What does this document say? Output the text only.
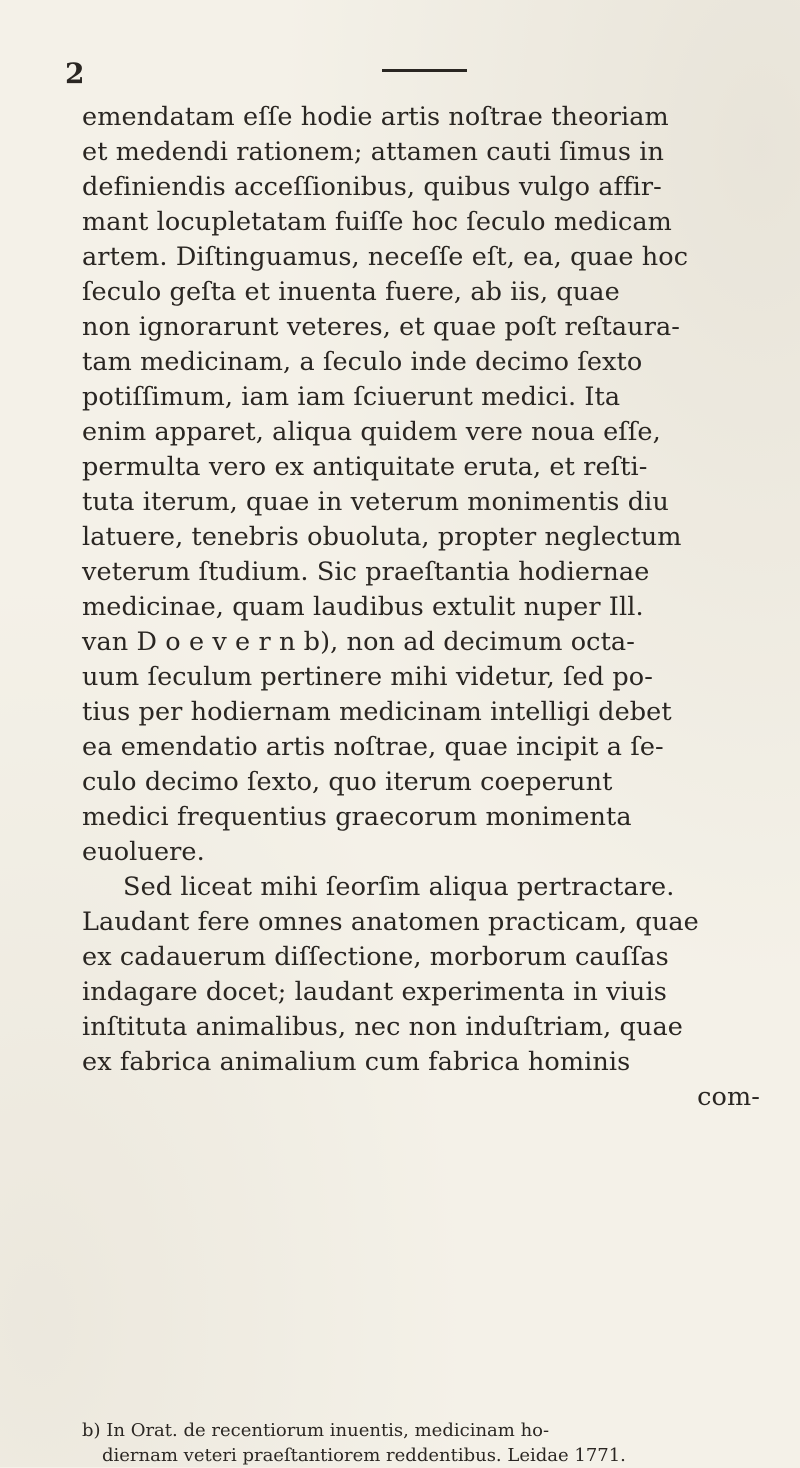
2
emendatam eſſe hodie artis noſtrae theoriam
et medendi rationem; attamen cauti ſimus in
definiendis acceſſionibus, quibus vulgo affir-
mant locupletatam fuiſſe hoc ſeculo medicam
artem. Diſtinguamus, neceſſe eſt, ea, quae hoc
ſeculo geſta et inuenta fuere, ab iis, quae
non ignorarunt veteres, et quae poſt reſtaura-
tam medicinam, a ſeculo inde decimo ſexto
potiſſimum, iam iam ſciuerunt medici. Ita
enim apparet, aliqua quidem vere noua eſſe,
permulta vero ex antiquitate eruta, et reſti-
tuta iterum, quae in veterum monimentis diu
latuere, tenebris obuoluta, propter neglectum
veterum ſtudium. Sic praeſtantia hodiernae
medicinae, quam laudibus extulit nuper Ill.
van D o e v e r n b), non ad decimum octa-
uum ſeculum pertinere mihi videtur, ſed po-
tius per hodiernam medicinam intelligi debet
ea emendatio artis noſtrae, quae incipit a ſe-
culo decimo ſexto, quo iterum coeperunt
medici frequentius graecorum monimenta
euoluere.
Sed liceat mihi ſeorſim aliqua pertractare.
Laudant fere omnes anatomen practicam, quae
ex cadauerum diſſectione, morborum cauſſas
indagare docet; laudant experimenta in viuis
inſtituta animalibus, nec non induſtriam, quae
ex fabrica animalium cum fabrica hominis
com-
b) In Orat. de recentiorum inuentis, medicinam ho-
diernam veteri praeſtantiorem reddentibus. Leidae 1771.
